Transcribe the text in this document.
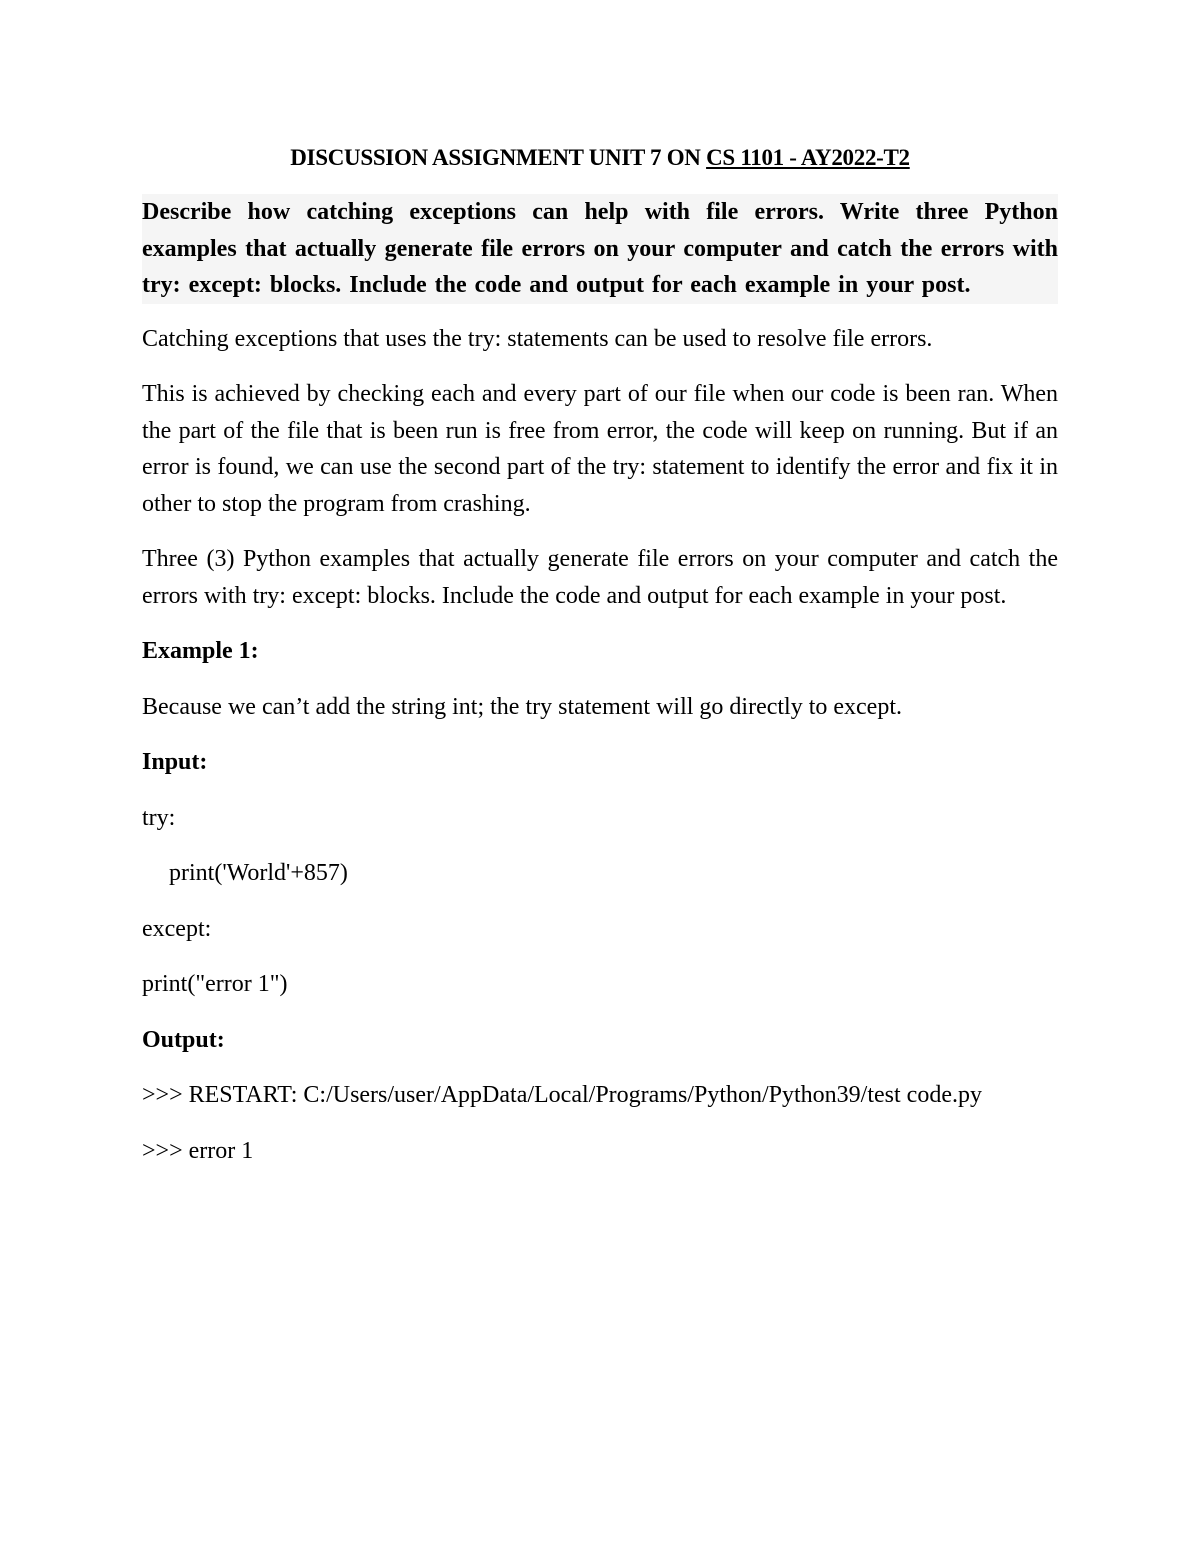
DISCUSSION ASSIGNMENT UNIT 7 ON CS 1101 - AY2022-T2

Describe how catching exceptions can help with file errors. Write three Python examples that actually generate file errors on your computer and catch the errors with try: except: blocks. Include the code and output for each example in your post.

Catching exceptions that uses the try: statements can be used to resolve file errors.

This is achieved by checking each and every part of our file when our code is been ran. When the part of the file that is been run is free from error, the code will keep on running. But if an error is found, we can use the second part of the try: statement to identify the error and fix it in other to stop the program from crashing.

Three (3) Python examples that actually generate file errors on your computer and catch the errors with try: except: blocks. Include the code and output for each example in your post.

Example 1:

Because we can’t add the string int; the try statement will go directly to except.

Input:

try:

print('World'+857)

except:

print("error 1")

Output:

>>> RESTART: C:/Users/user/AppData/Local/Programs/Python/Python39/test code.py

>>> error 1
